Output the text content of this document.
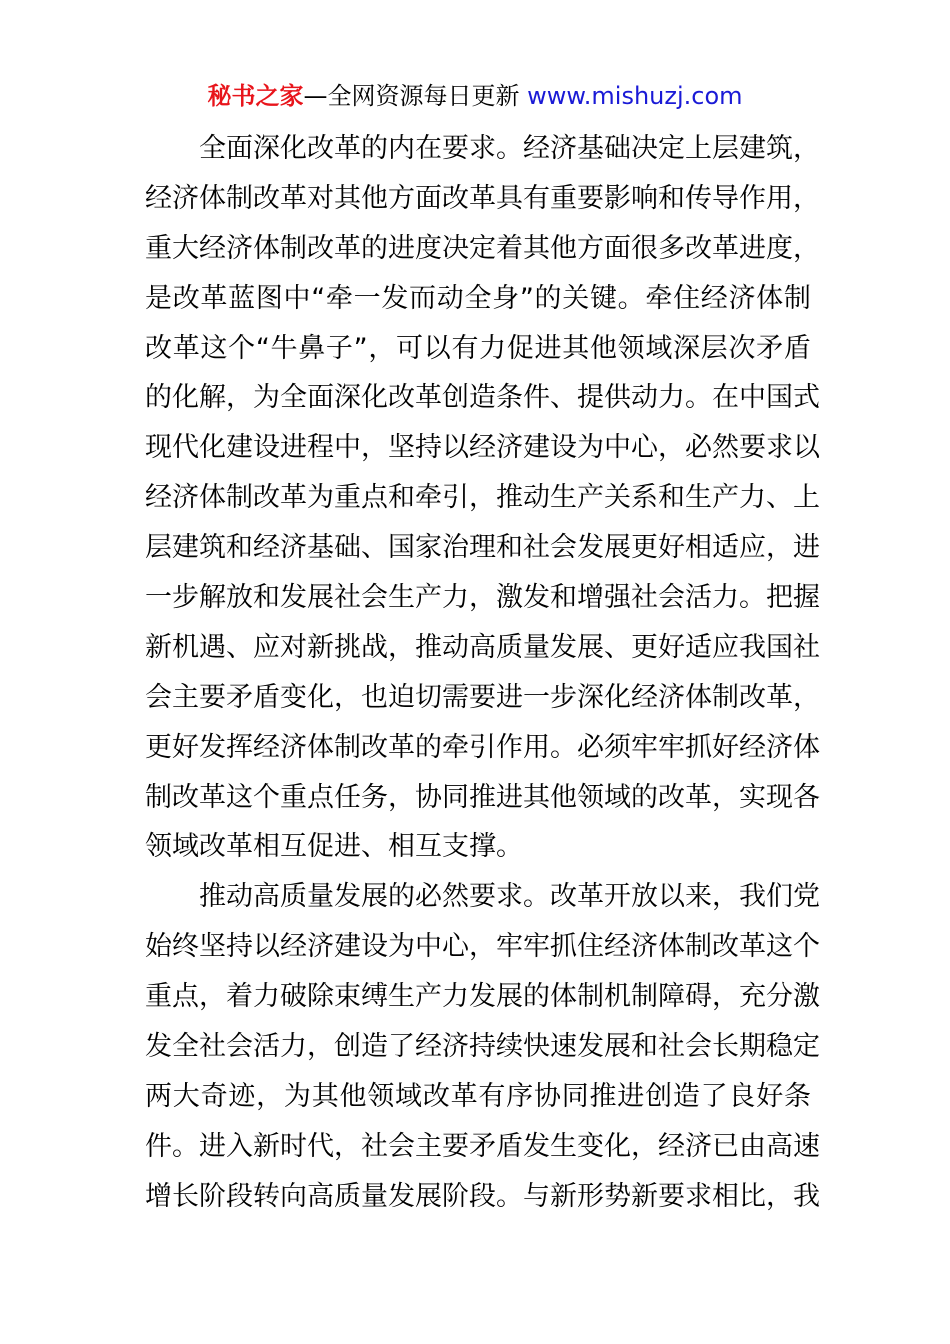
秘书之家—全网资源每日更新 www.mishuzj.com
全 面 深 化 改 革 的 内 在 要 求 。 经 济 基 础 决 定 上 层 建 筑 ，
经 济 体 制 改 革 对 其 他 方 面 改 革 具 有 重 要 影 响 和 传 导 作 用 ，
重 大 经 济 体 制 改 革 的 进 度 决 定 着 其 他 方 面 很 多 改 革 进 度 ，
是 改 革 蓝 图 中 “ 牵 一 发 而 动 全 身 ” 的 关 键 。 牵 住 经 济 体 制
改 革 这 个 “ 牛 鼻 子 ” ， 可 以 有 力 促 进 其 他 领 域 深 层 次 矛 盾
的 化 解 ， 为 全 面 深 化 改 革 创 造 条 件 、 提 供 动 力 。 在 中 国 式
现 代 化 建 设 进 程 中 ， 坚 持 以 经 济 建 设 为 中 心 ， 必 然 要 求 以
经 济 体 制 改 革 为 重 点 和 牵 引 ， 推 动 生 产 关 系 和 生 产 力 、 上
层 建 筑 和 经 济 基 础 、 国 家 治 理 和 社 会 发 展 更 好 相 适 应 ， 进
一 步 解 放 和 发 展 社 会 生 产 力 ， 激 发 和 增 强 社 会 活 力 。 把 握
新 机 遇 、 应 对 新 挑 战 ， 推 动 高 质 量 发 展 、 更 好 适 应 我 国 社
会 主 要 矛 盾 变 化 ， 也 迫 切 需 要 进 一 步 深 化 经 济 体 制 改 革 ，
更 好 发 挥 经 济 体 制 改 革 的 牵 引 作 用 。 必 须 牢 牢 抓 好 经 济 体
制 改 革 这 个 重 点 任 务 ， 协 同 推 进 其 他 领 域 的 改 革 ， 实 现 各
领域改革相互促进、相互支撑。
推 动 高 质 量 发 展 的 必 然 要 求 。 改 革 开 放 以 来 ， 我 们 党
始 终 坚 持 以 经 济 建 设 为 中 心 ， 牢 牢 抓 住 经 济 体 制 改 革 这 个
重 点 ， 着 力 破 除 束 缚 生 产 力 发 展 的 体 制 机 制 障 碍 ， 充 分 激
发 全 社 会 活 力 ， 创 造 了 经 济 持 续 快 速 发 展 和 社 会 长 期 稳 定
两 大 奇 迹 ， 为 其 他 领 域 改 革 有 序 协 同 推 进 创 造 了 良 好 条
件 。 进 入 新 时 代 ， 社 会 主 要 矛 盾 发 生 变 化 ， 经 济 已 由 高 速
增 长 阶 段 转 向 高 质 量 发 展 阶 段 。 与 新 形 势 新 要 求 相 比 ， 我
